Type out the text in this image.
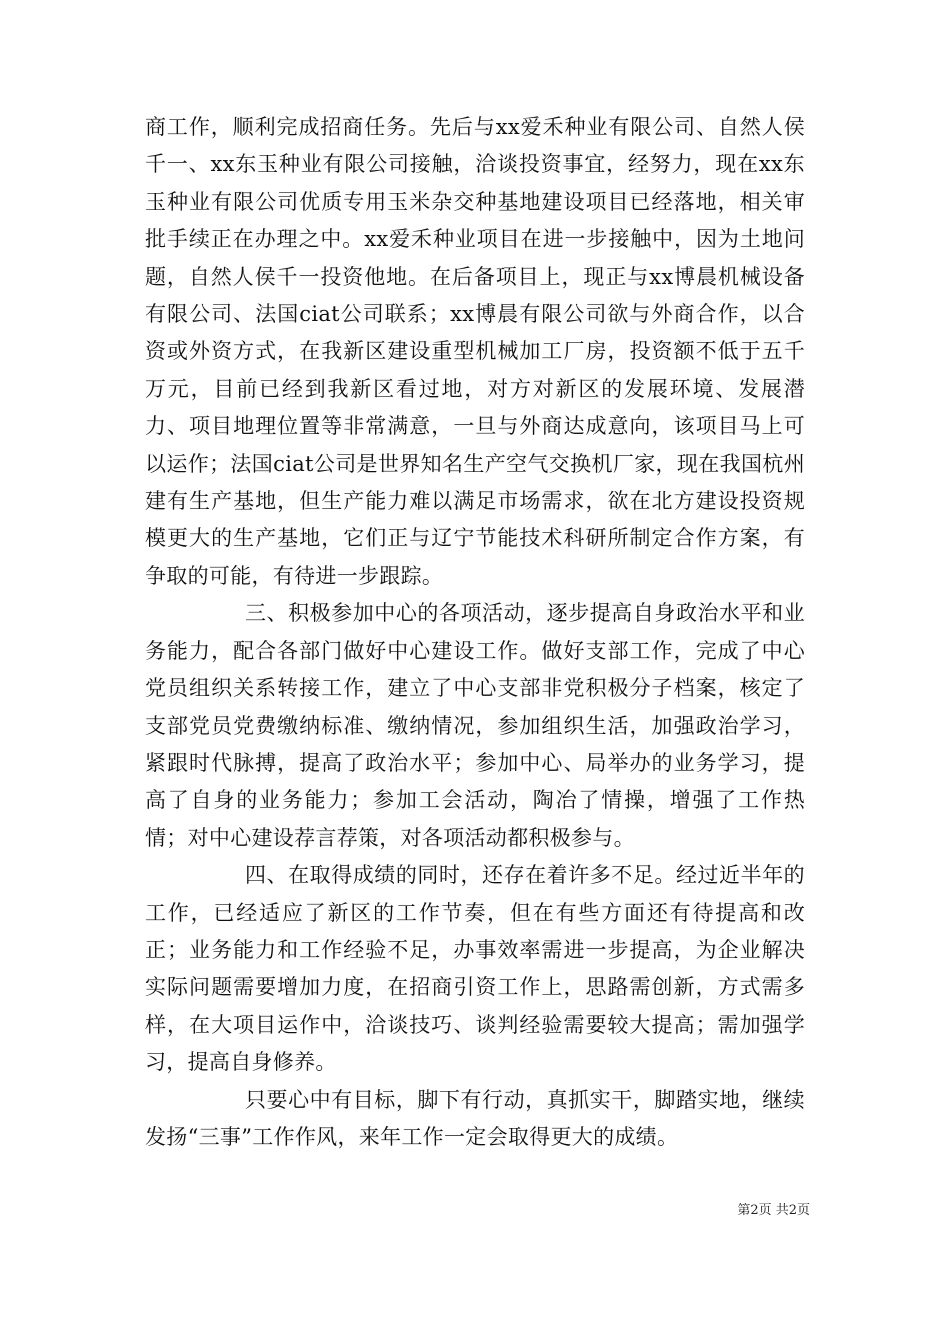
商工作，顺利完成招商任务。先后与xx爱禾种业有限公司、自然人侯千一、xx东玉种业有限公司接触，洽谈投资事宜，经努力，现在xx东玉种业有限公司优质专用玉米杂交种基地建设项目已经落地，相关审批手续正在办理之中。xx爱禾种业项目在进一步接触中，因为土地问题，自然人侯千一投资他地。在后备项目上，现正与xx博晨机械设备有限公司、法国ciat公司联系；xx博晨有限公司欲与外商合作，以合资或外资方式，在我新区建设重型机械加工厂房，投资额不低于五千万元，目前已经到我新区看过地，对方对新区的发展环境、发展潜力、项目地理位置等非常满意，一旦与外商达成意向，该项目马上可以运作；法国ciat公司是世界知名生产空气交换机厂家，现在我国杭州建有生产基地，但生产能力难以满足市场需求，欲在北方建设投资规模更大的生产基地，它们正与辽宁节能技术科研所制定合作方案，有争取的可能，有待进一步跟踪。

三、积极参加中心的各项活动，逐步提高自身政治水平和业务能力，配合各部门做好中心建设工作。做好支部工作，完成了中心党员组织关系转接工作，建立了中心支部非党积极分子档案，核定了支部党员党费缴纳标准、缴纳情况，参加组织生活，加强政治学习，紧跟时代脉搏，提高了政治水平；参加中心、局举办的业务学习，提高了自身的业务能力；参加工会活动，陶冶了情操，增强了工作热情；对中心建设荐言荐策，对各项活动都积极参与。

四、在取得成绩的同时，还存在着许多不足。经过近半年的工作，已经适应了新区的工作节奏，但在有些方面还有待提高和改正；业务能力和工作经验不足，办事效率需进一步提高，为企业解决实际问题需要增加力度，在招商引资工作上，思路需创新，方式需多样，在大项目运作中，洽谈技巧、谈判经验需要较大提高；需加强学习，提高自身修养。

只要心中有目标，脚下有行动，真抓实干，脚踏实地，继续发扬“三事”工作作风，来年工作一定会取得更大的成绩。

第2页 共2页
